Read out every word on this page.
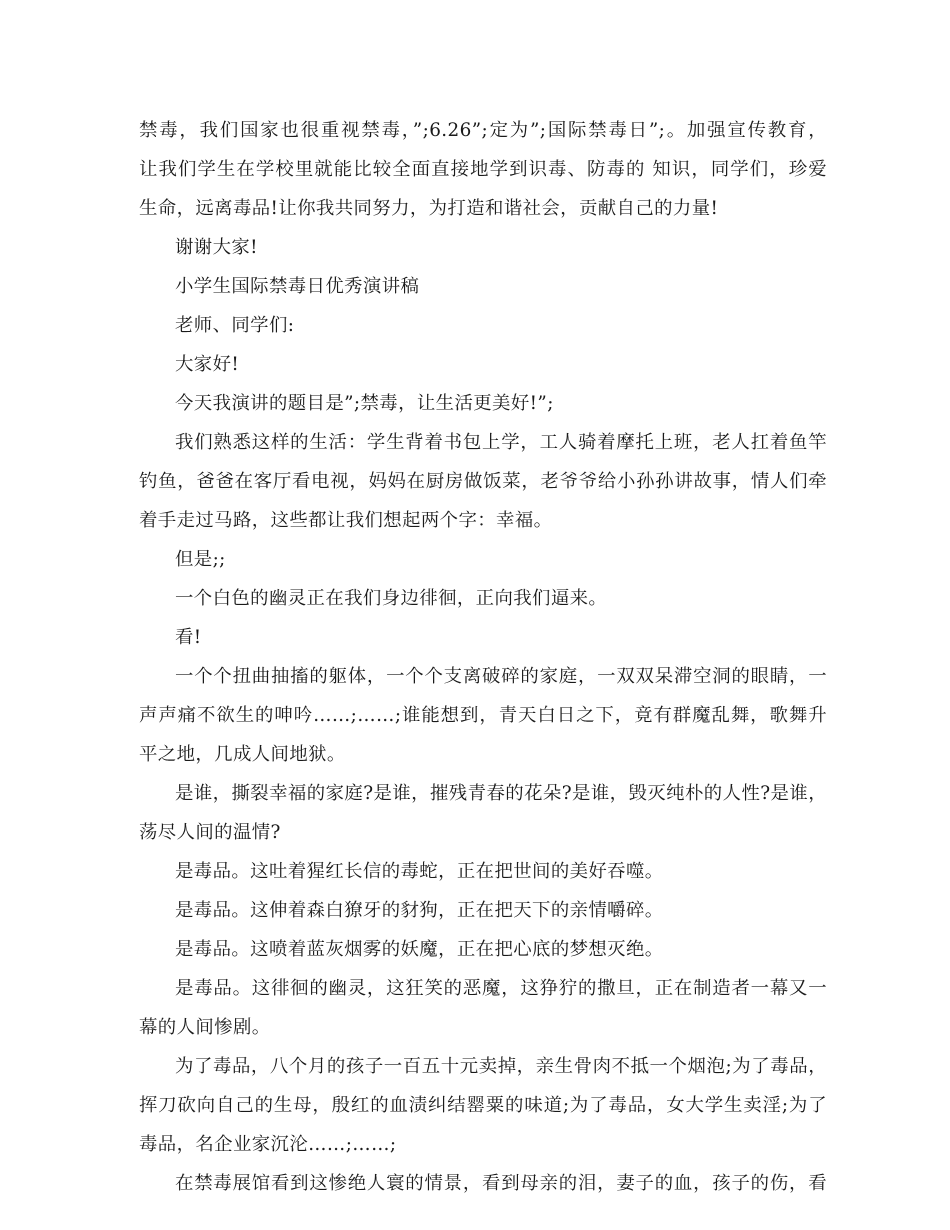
禁毒，我们国家也很重视禁毒，”;6.26”;定为”;国际禁毒日”;。加强宣传教育，
让我们学生在学校里就能比较全面直接地学到识毒、防毒的 知识，同学们，珍爱
生命，远离毒品!让你我共同努力，为打造和谐社会，贡献自己的力量!
谢谢大家!
小学生国际禁毒日优秀演讲稿
老师、同学们:
大家好!
今天我演讲的题目是”;禁毒，让生活更美好!”;
我们熟悉这样的生活：学生背着书包上学，工人骑着摩托上班，老人扛着鱼竿
钓鱼，爸爸在客厅看电视，妈妈在厨房做饭菜，老爷爷给小孙孙讲故事，情人们牵
着手走过马路，这些都让我们想起两个字：幸福。
但是;;
一个白色的幽灵正在我们身边徘徊，正向我们逼来。
看!
一个个扭曲抽搐的躯体，一个个支离破碎的家庭，一双双呆滞空洞的眼睛，一
声声痛不欲生的呻吟……;……;谁能想到，青天白日之下，竟有群魔乱舞，歌舞升
平之地，几成人间地狱。
是谁，撕裂幸福的家庭?是谁，摧残青春的花朵?是谁，毁灭纯朴的人性?是谁，
荡尽人间的温情?
是毒品。这吐着猩红长信的毒蛇，正在把世间的美好吞噬。
是毒品。这伸着森白獠牙的豺狗，正在把天下的亲情嚼碎。
是毒品。这喷着蓝灰烟雾的妖魔，正在把心底的梦想灭绝。
是毒品。这徘徊的幽灵，这狂笑的恶魔，这狰狞的撒旦，正在制造者一幕又一
幕的人间惨剧。
为了毒品，八个月的孩子一百五十元卖掉，亲生骨肉不抵一个烟泡;为了毒品，
挥刀砍向自己的生母，殷红的血渍纠结罂粟的味道;为了毒品，女大学生卖淫;为了
毒品，名企业家沉沦……;……;
在禁毒展馆看到这惨绝人寰的情景，看到母亲的泪，妻子的血，孩子的伤，看
